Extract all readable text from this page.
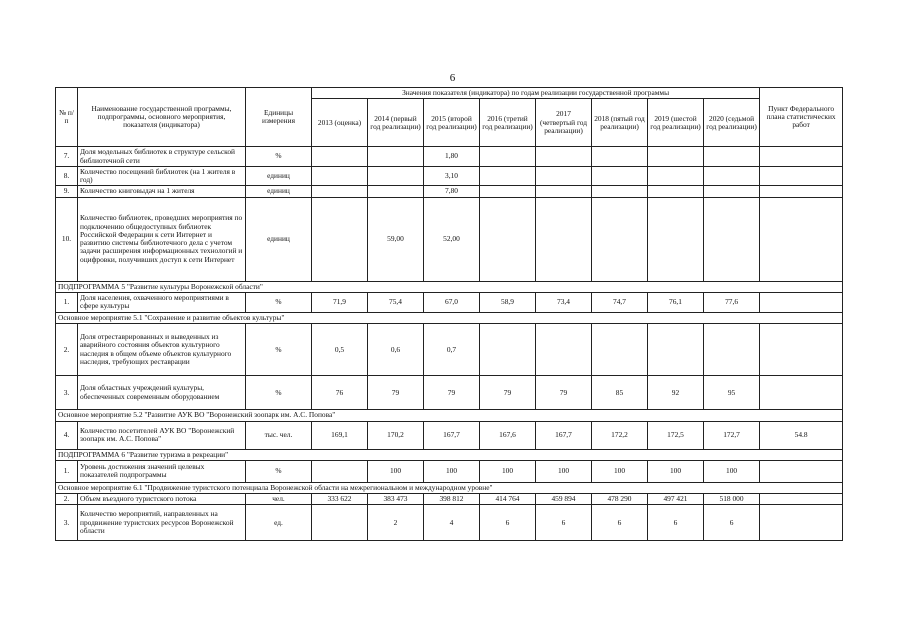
6
№ п/п	Наименование государственной программы, подпрограммы, основного мероприятия, показателя (индикатора)	Единицы измерения	Значения показателя (индикатора) по годам реализации государственной программы								Пункт Федерального плана статистических работ
			2013 (оценка)	2014 (первый год реализации)	2015 (второй год реализации)	2016 (третий год реализации)	2017 (четвертый год реализации)	2018 (пятый год реализации)	2019 (шестой год реализации)	2020 (седьмой год реализации)	
7.	Доля модельных библиотек в структуре сельской библиотечной сети	%			1,80						
8.	Количество посещений библиотек (на 1 жителя в год)	единиц			3,10						
9.	Количество книговыдач на 1 жителя	единиц			7,80						
10.	Количество библиотек, проведших мероприятия по подключению общедоступных библиотек Российской Федерации к сети Интернет и развитию системы библиотечного дела с учетом задачи расширения информационных технологий и оцифровки, получивших доступ к сети Интернет	единиц		59,00	52,00						
ПОДПРОГРАММА 5 "Развитие культуры Воронежской области"											
1.	Доля населения, охваченного мероприятиями в сфере культуры	%	71,9	75,4	67,0	58,9	73,4	74,7	76,1	77,6	
Основное мероприятие 5.1 "Сохранение и развитие объектов культуры"											
2.	Доля отреставрированных и выведенных из аварийного состояния объектов культурного наследия в общем объеме объектов культурного наследия, требующих реставрации	%	0,5	0,6	0,7						
3.	Доля областных учреждений культуры, обеспеченных современным оборудованием	%	76	79	79	79	79	85	92	95	
Основное мероприятие 5.2 "Развитие АУК ВО "Воронежский зоопарк им. А.С. Попова"											
4.	Количество посетителей АУК ВО "Воронежский зоопарк им. А.С. Попова"	тыс. чел.	169,1	170,2	167,7	167,6	167,7	172,2	172,5	172,7	54.8
ПОДПРОГРАММА 6 "Развитие туризма в рекреации"											
1.	Уровень достижения значений целевых показателей подпрограммы	%		100	100	100	100	100	100	100	
Основное мероприятие 6.1 "Продвижение туристского потенциала Воронежской области на межрегиональном и международном уровне"											
2.	Объем въездного туристского потока	чел.	333 622	383 473	398 812	414 764	459 894	478 290	497 421	518 000	
3.	Количество мероприятий, направленных на продвижение туристских ресурсов Воронежской области	ед.		2	4	6	6	6	6	6	
